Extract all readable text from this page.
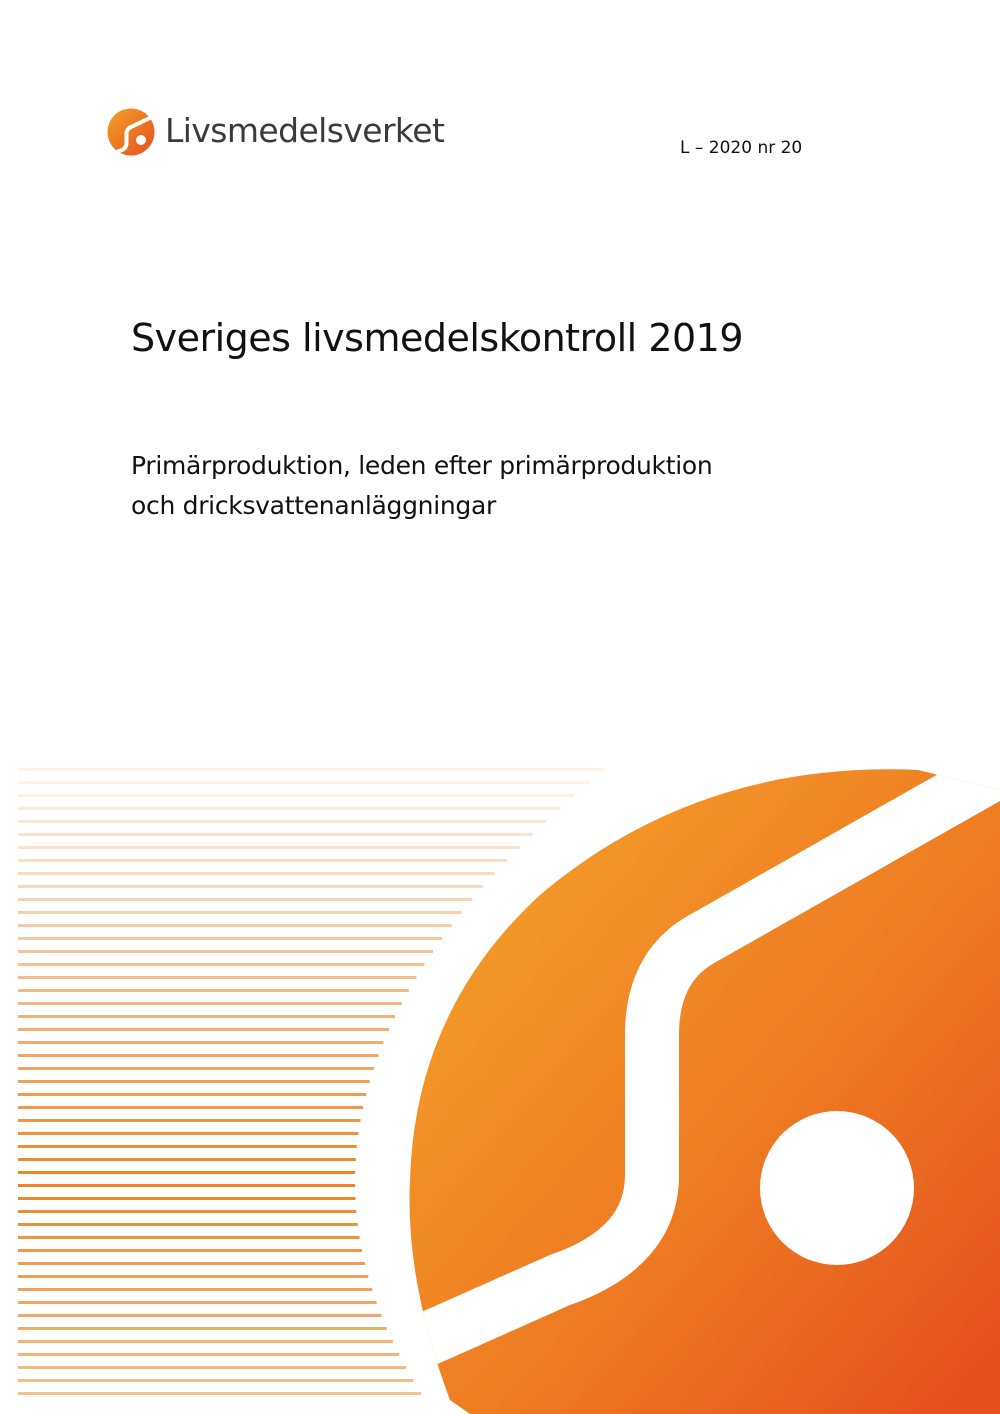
Livsmedelsverket	L – 2020 nr 20
Sveriges livsmedelskontroll 2019
Primärproduktion, leden efter primärproduktion
och dricksvattenanläggningar
